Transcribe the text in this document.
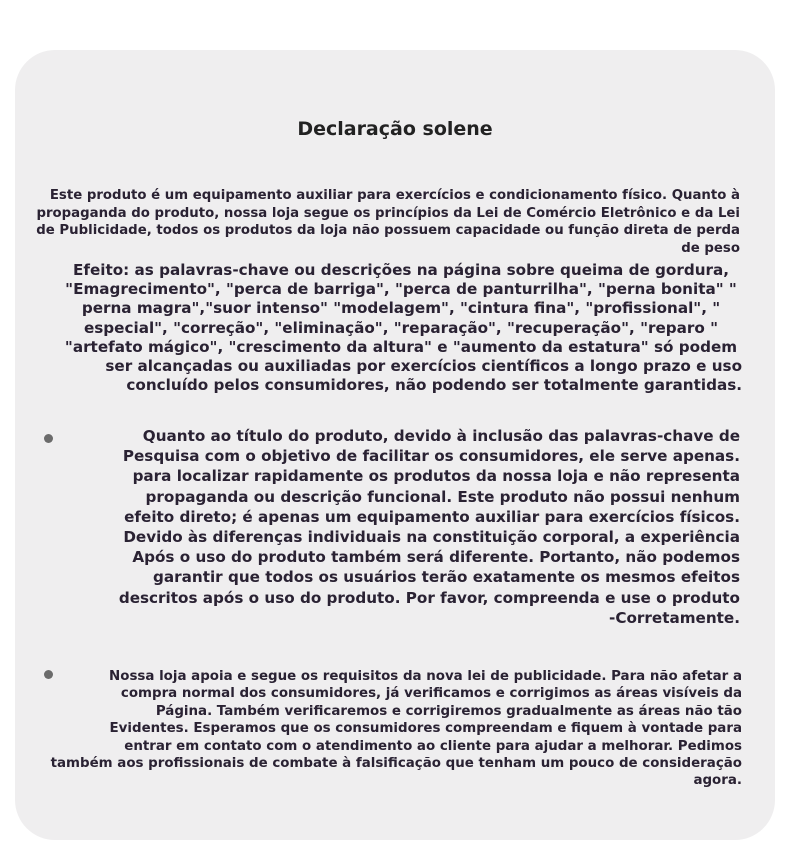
Declaração solene
Este produto é um equipamento auxiliar para exercícios e condicionamento físico. Quanto à
propaganda do produto, nossa loja segue os princípios da Lei de Comércio Eletrônico e da Lei
de Publicidade, todos os produtos da loja não possuem capacidade ou função direta de perda
de peso
Efeito: as palavras-chave ou descrições na página sobre queima de gordura,
"Emagrecimento", "perca de barriga", "perca de panturrilha", "perna bonita" "
perna magra","suor intenso" "modelagem", "cintura fina", "profissional", "
especial", "correção", "eliminação", "reparação", "recuperação", "reparo "
"artefato mágico", "crescimento da altura" e "aumento da estatura" só podem
ser alcançadas ou auxiliadas por exercícios científicos a longo prazo e uso
concluído pelos consumidores, não podendo ser totalmente garantidas.
Quanto ao título do produto, devido à inclusão das palavras-chave de
Pesquisa com o objetivo de facilitar os consumidores, ele serve apenas.
para localizar rapidamente os produtos da nossa loja e não representa
propaganda ou descrição funcional. Este produto não possui nenhum
efeito direto; é apenas um equipamento auxiliar para exercícios físicos.
Devido às diferenças individuais na constituição corporal, a experiência
Após o uso do produto também será diferente. Portanto, não podemos
garantir que todos os usuários terão exatamente os mesmos efeitos
descritos após o uso do produto. Por favor, compreenda e use o produto
-Corretamente.
Nossa loja apoia e segue os requisitos da nova lei de publicidade. Para não afetar a
compra normal dos consumidores, já verificamos e corrigimos as áreas visíveis da
Página. Também verificaremos e corrigiremos gradualmente as áreas não tão
Evidentes. Esperamos que os consumidores compreendam e fiquem à vontade para
entrar em contato com o atendimento ao cliente para ajudar a melhorar. Pedimos
também aos profissionais de combate à falsificação que tenham um pouco de consideração
agora.
